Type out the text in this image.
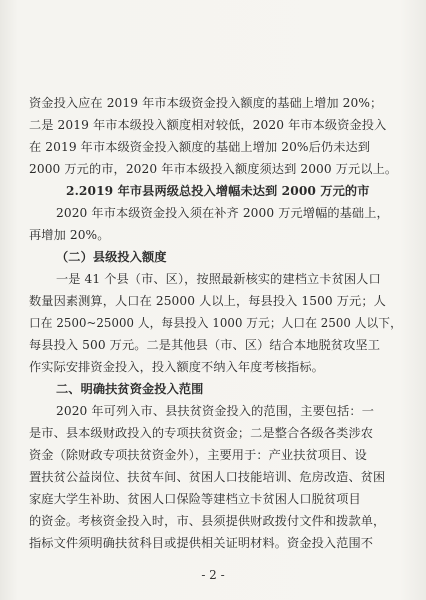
资金投入应在 2019 年市本级资金投入额度的基础上增加 20%；
二是 2019 年市本级投入额度相对较低，2020 年市本级资金投入
在 2019 年市本级资金投入额度的基础上增加 20%后仍未达到
2000 万元的市，2020 年市本级投入额度须达到 2000 万元以上。
2.2019 年市县两级总投入增幅未达到 2000 万元的市
2020 年市本级资金投入须在补齐 2000 万元增幅的基础上，
再增加 20%。
（二）县级投入额度
一是 41 个县（市、区），按照最新核实的建档立卡贫困人口
数量因素测算，人口在 25000 人以上，每县投入 1500 万元；人
口在 2500~25000 人，每县投入 1000 万元；人口在 2500 人以下，
每县投入 500 万元。二是其他县（市、区）结合本地脱贫攻坚工
作实际安排资金投入，投入额度不纳入年度考核指标。
二、明确扶贫资金投入范围
2020 年可列入市、县扶贫资金投入的范围，主要包括：一
是市、县本级财政投入的专项扶贫资金；二是整合各级各类涉农
资金（除财政专项扶贫资金外），主要用于：产业扶贫项目、设
置扶贫公益岗位、扶贫车间、贫困人口技能培训、危房改造、贫困
家庭大学生补助、贫困人口保险等建档立卡贫困人口脱贫项目
的资金。考核资金投入时，市、县须提供财政拨付文件和拨款单，
指标文件须明确扶贫科目或提供相关证明材料。资金投入范围不
- 2 -
